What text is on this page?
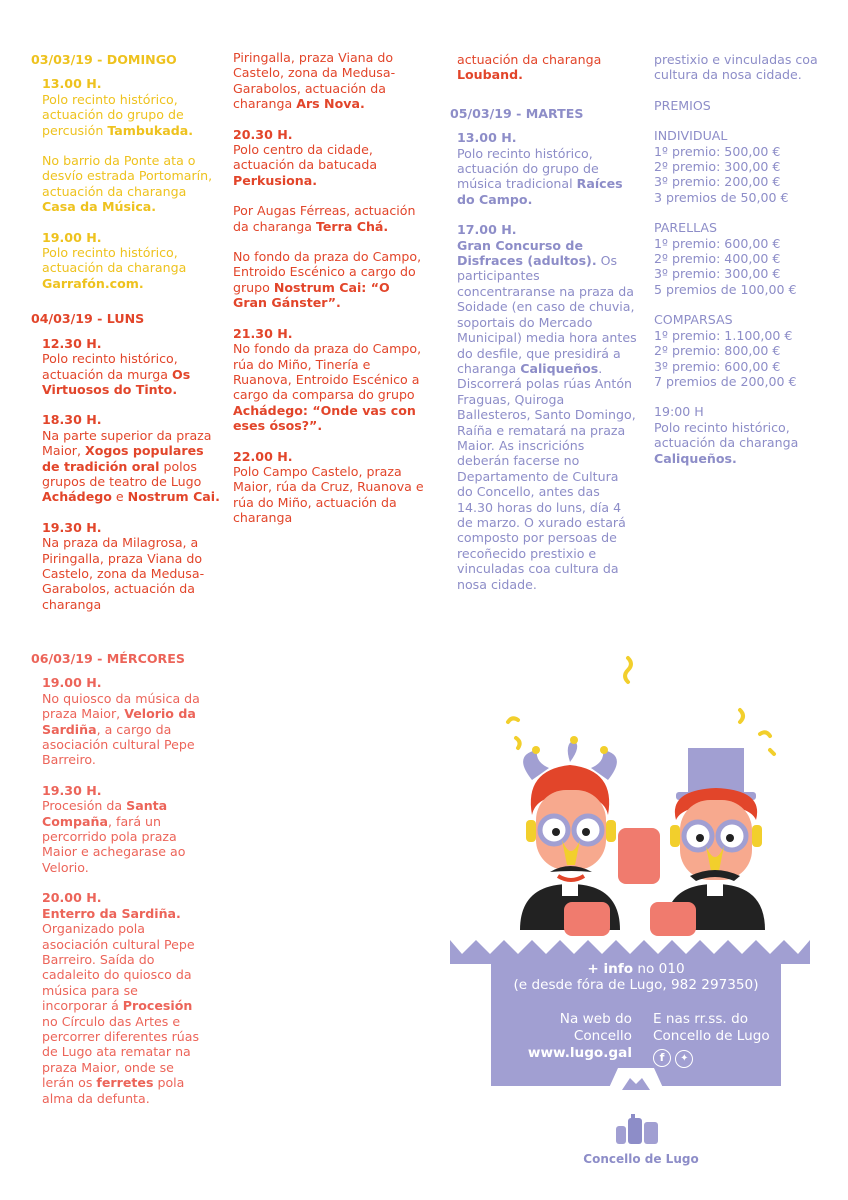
03/03/19 - DOMINGO
13.00 H.

Polo recinto histórico, actuación do grupo de percusión Tambukada.

No barrio da Ponte ata o desvío estrada Portomarín, actuación da charanga Casa da Música.

19.00 H.

Polo recinto histórico, actuación da charanga Garrafón.com.

04/03/19 - LUNS
12.30 H.

Polo recinto histórico, actuación da murga Os Virtuosos do Tinto.

18.30 H.

Na parte superior da praza Maior, Xogos populares de tradición oral polos grupos de teatro de Lugo Achádego e Nostrum Cai.

19.30 H.

Na praza da Milagrosa, a Piringalla, praza Viana do Castelo, zona da Medusa-Garabolos, actuación da charanga

Piringalla, praza Viana do Castelo, zona da Medusa-Garabolos, actuación da charanga Ars Nova.

20.30 H.

Polo centro da cidade, actuación da batucada Perkusiona.

Por Augas Férreas, actuación da charanga Terra Chá.

No fondo da praza do Campo, Entroido Escénico a cargo do grupo Nostrum Cai: “O Gran Gánster”.

21.30 H.

No fondo da praza do Campo, rúa do Miño, Tinería e Ruanova, Entroido Escénico a cargo da comparsa do grupo Achádego: “Onde vas con eses ósos?”.

22.00 H.

Polo Campo Castelo, praza Maior, rúa da Cruz, Ruanova e rúa do Miño, actuación da charanga

actuación da charanga Louband.

05/03/19 - MARTES
13.00 H.

Polo recinto histórico, actuación do grupo de música tradicional Raíces do Campo.

17.00 H.

Gran Concurso de Disfraces (adultos). Os participantes concentraranse na praza da Soidade (en caso de chuvia, soportais do Mercado Municipal) media hora antes do desfile, que presidirá a charanga Caliqueños. Discorrerá polas rúas Antón Fraguas, Quiroga Ballesteros, Santo Domingo, Raíña e rematará na praza Maior. As inscricións deberán facerse no Departamento de Cultura do Concello, antes das 14.30 horas do luns, día 4 de marzo. O xurado estará composto por persoas de recoñecido prestixio e vinculadas coa cultura da nosa cidade.

prestixio e vinculadas coa cultura da nosa cidade.

PREMIOS

INDIVIDUAL

1º premio: 500,00 €

2º premio: 300,00 €

3º premio: 200,00 €

3 premios de 50,00 €

PARELLAS

1º premio: 600,00 €

2º premio: 400,00 €

3º premio: 300,00 €

5 premios de 100,00 €

COMPARSAS

1º premio: 1.100,00 €

2º premio: 800,00 €

3º premio: 600,00 €

7 premios de 200,00 €

19:00 H

Polo recinto histórico, actuación da charanga Caliqueños.

06/03/19 - MÉRCORES
19.00 H.

No quiosco da música da praza Maior, Velorio da Sardiña, a cargo da asociación cultural Pepe Barreiro.

19.30 H.

Procesión da Santa Compaña, fará un percorrido pola praza Maior e achegarase ao Velorio.

20.00 H.

Enterro da Sardiña. Organizado pola asociación cultural Pepe Barreiro. Saída do cadaleito do quiosco da música para se incorporar á Procesión no Círculo das Artes e percorrer diferentes rúas de Lugo ata rematar na praza Maior, onde se lerán os ferretes pola alma da defunta.

+ info no 010
(e desde fóra de Lugo, 982 297350)
Na web do Concello
www.lugo.gal
E nas rr.ss. do
Concello de Lugo
f ✦
Concello de Lugo
